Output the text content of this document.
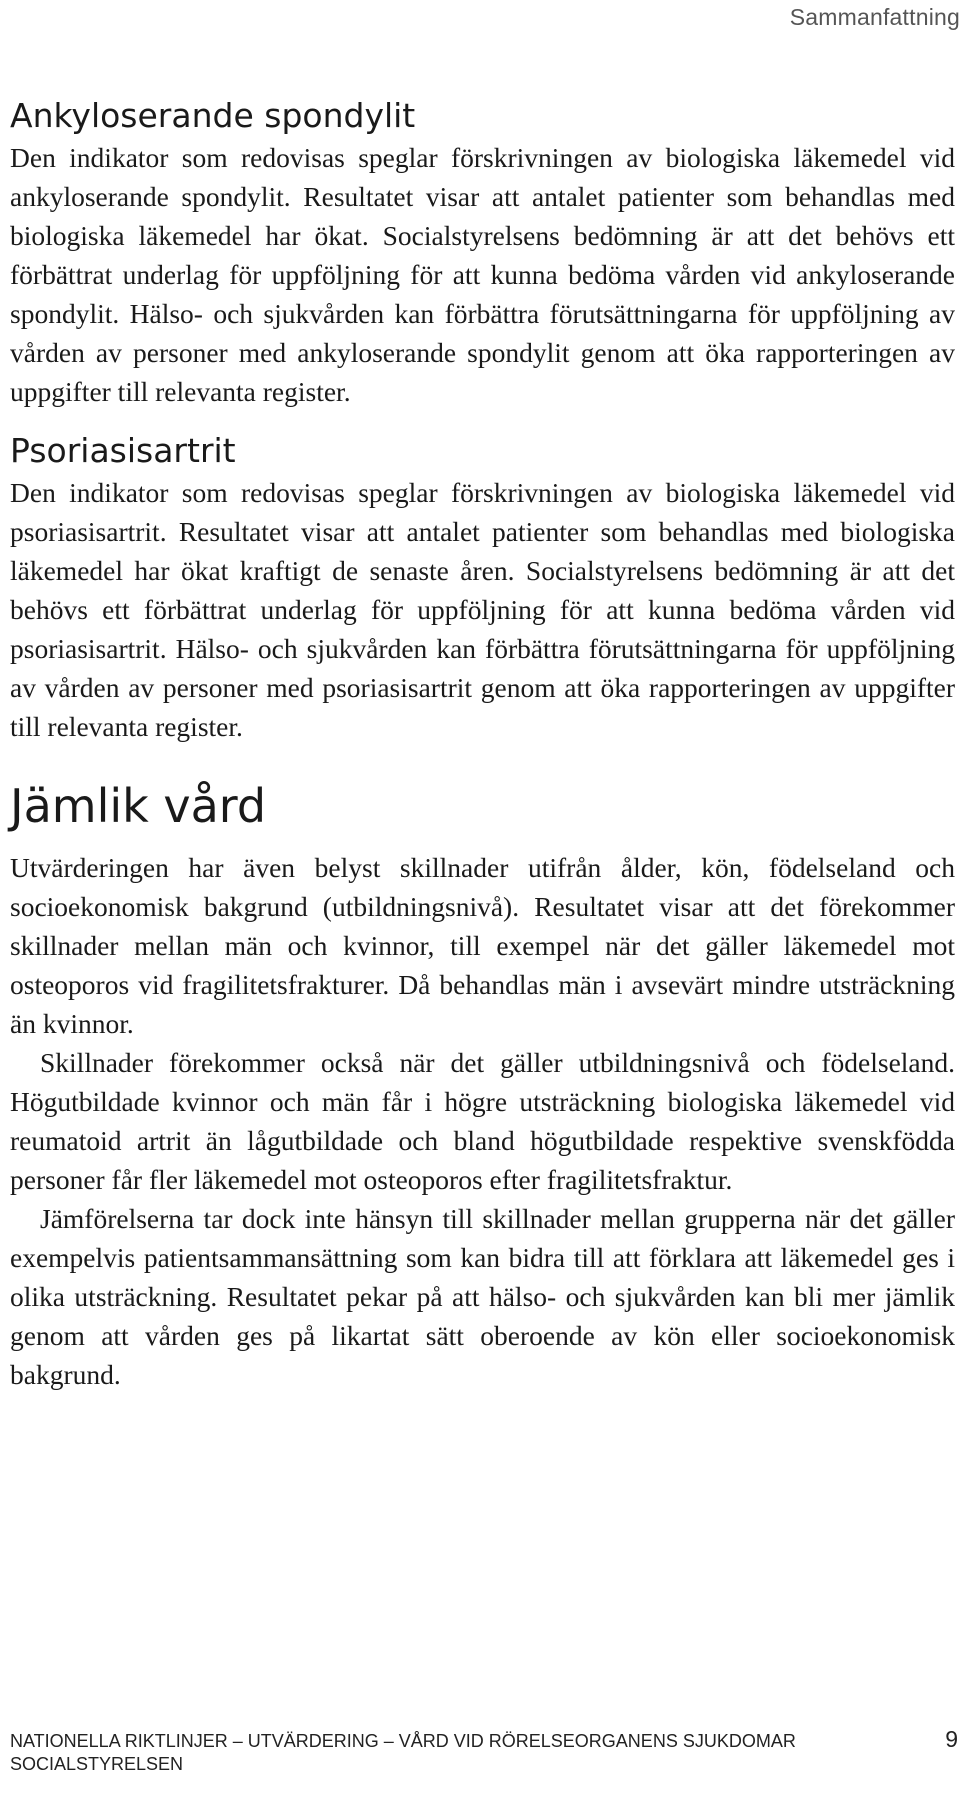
Sammanfattning
Ankyloserande spondylit

Den indikator som redovisas speglar förskrivningen av biologiska läkemedel vid ankyloserande spondylit. Resultatet visar att antalet patienter som behandlas med biologiska läkemedel har ökat. Socialstyrelsens bedömning är att det behövs ett förbättrat underlag för uppföljning för att kunna bedöma vården vid ankyloserande spondylit. Hälso- och sjukvården kan förbättra förutsättningarna för uppföljning av vården av personer med ankyloserande spondylit genom att öka rapporteringen av uppgifter till relevanta register.

Psoriasisartrit

Den indikator som redovisas speglar förskrivningen av biologiska läkemedel vid psoriasisartrit. Resultatet visar att antalet patienter som behandlas med biologiska läkemedel har ökat kraftigt de senaste åren. Socialstyrelsens bedömning är att det behövs ett förbättrat underlag för uppföljning för att kunna bedöma vården vid psoriasisartrit. Hälso- och sjukvården kan förbättra förutsättningarna för uppföljning av vården av personer med psoriasisartrit genom att öka rapporteringen av uppgifter till relevanta register.

Jämlik vård

Utvärderingen har även belyst skillnader utifrån ålder, kön, födelseland och socioekonomisk bakgrund (utbildningsnivå). Resultatet visar att det förekommer skillnader mellan män och kvinnor, till exempel när det gäller läkemedel mot osteoporos vid fragilitetsfrakturer. Då behandlas män i avsevärt mindre utsträckning än kvinnor.

Skillnader förekommer också när det gäller utbildningsnivå och födelseland. Högutbildade kvinnor och män får i högre utsträckning biologiska läkemedel vid reumatoid artrit än lågutbildade och bland högutbildade respektive svenskfödda personer får fler läkemedel mot osteoporos efter fragilitetsfraktur.

Jämförelserna tar dock inte hänsyn till skillnader mellan grupperna när det gäller exempelvis patientsammansättning som kan bidra till att förklara att läkemedel ges i olika utsträckning. Resultatet pekar på att hälso- och sjukvården kan bli mer jämlik genom att vården ges på likartat sätt oberoende av kön eller socioekonomisk bakgrund.

NATIONELLA RIKTLINJER – UTVÄRDERING – VÅRD VID RÖRELSEORGANENS SJUKDOMAR	9
SOCIALSTYRELSEN
